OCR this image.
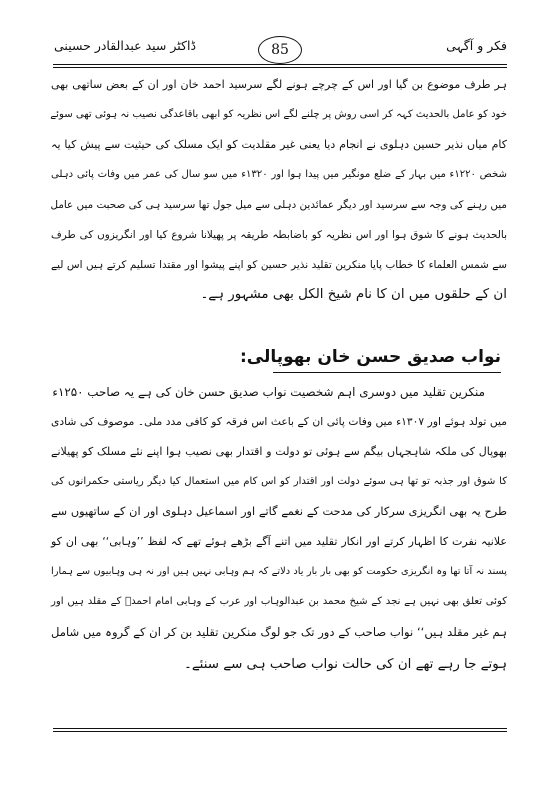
فکر و آگہی
85
ڈاکٹر سید عبدالقادر حسینی
ہر طرف موضوع بن گیا اور اس کے چرچے ہونے لگے سرسید احمد خان اور ان کے بعض ساتھی بھی
خود کو عامل بالحدیث کہہ کر اسی روش پر چلنے لگے اس نظریہ کو ابھی باقاعدگی نصیب نہ ہوئی تھی سوئے
کام میاں نذیر حسین دہلوی نے انجام دیا یعنی غیر مقلدیت کو ایک مسلک کی حیثیت سے پیش کیا یہ
شخص ۱۲۲۰ء میں بہار کے ضلع مونگیر میں پیدا ہوا اور ۱۳۲۰ء میں سو سال کی عمر میں وفات پائی دہلی
میں رہنے کی وجہ سے سرسید اور دیگر عمائدین دہلی سے میل جول تھا سرسید ہی کی صحبت میں عامل
بالحدیث ہونے کا شوق ہوا اور اس نظریہ کو باضابطہ طریقہ پر پھیلانا شروع کیا اور انگریزوں کی طرف
سے شمس العلماء کا خطاب پایا منکرین تقلید نذیر حسین کو اپنے پیشوا اور مقتدا تسلیم کرتے ہیں اس لیے
ان کے حلقوں میں ان کا نام شیخ الکل بھی مشہور ہے۔
نواب صدیق حسن خان بھوپالی:
منکرین تقلید میں دوسری اہم شخصیت نواب صدیق حسن خان کی ہے یہ صاحب ۱۲۵۰ء
میں تولد ہوئے اور ۱۳۰۷ء میں وفات پائی ان کے باعث اس فرقہ کو کافی مدد ملی۔ موصوف کی شادی
بھوپال کی ملکہ شاہجہاں بیگم سے ہوئی تو دولت و اقتدار بھی نصیب ہوا اپنے نئے مسلک کو پھیلانے
کا شوق اور جذبہ تو تھا ہی سوئے دولت اور اقتدار کو اس کام میں استعمال کیا دیگر ریاستی حکمرانوں کی
طرح یہ بھی انگریزی سرکار کی مدحت کے نغمے گاتے اور اسماعیل دہلوی اور ان کے ساتھیوں سے
علانیہ نفرت کا اظہار کرتے اور انکار تقلید میں اتنے آگے بڑھے ہوئے تھے کہ لفظ ’’وہابی‘‘ بھی ان کو
پسند نہ آتا تھا وہ انگریزی حکومت کو بھی بار بار یاد دلاتے کہ ہم وہابی نہیں ہیں اور نہ ہی وہابیوں سے ہمارا
کوئی تعلق بھی نہیں ہے نجد کے شیخ محمد بن عبدالوہاب اور عرب کے وہابی امام احمدؒ کے مقلد ہیں اور
ہم غیر مقلد ہیں‘‘ نواب صاحب کے دور تک جو لوگ منکرین تقلید بن کر ان کے گروہ میں شامل
ہوتے جا رہے تھے ان کی حالت نواب صاحب ہی سے سنئے۔
